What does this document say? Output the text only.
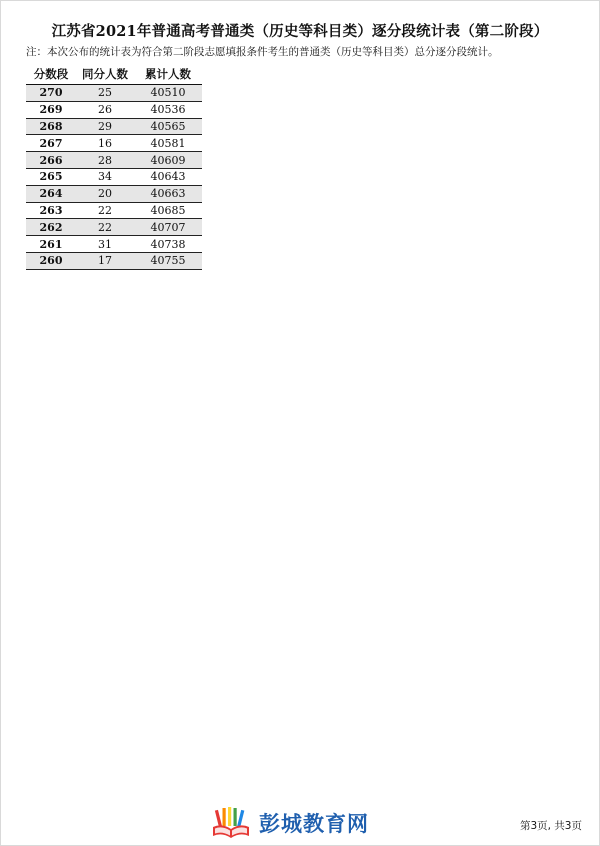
江苏省2021年普通高考普通类（历史等科目类）逐分段统计表（第二阶段）
注：本次公布的统计表为符合第二阶段志愿填报条件考生的普通类（历史等科目类）总分逐分段统计。
分数段	同分人数	累计人数
270	25	40510
269	26	40536
268	29	40565
267	16	40581
266	28	40609
265	34	40643
264	20	40663
263	22	40685
262	22	40707
261	31	40738
260	17	40755
彭城教育网	第3页, 共3页
